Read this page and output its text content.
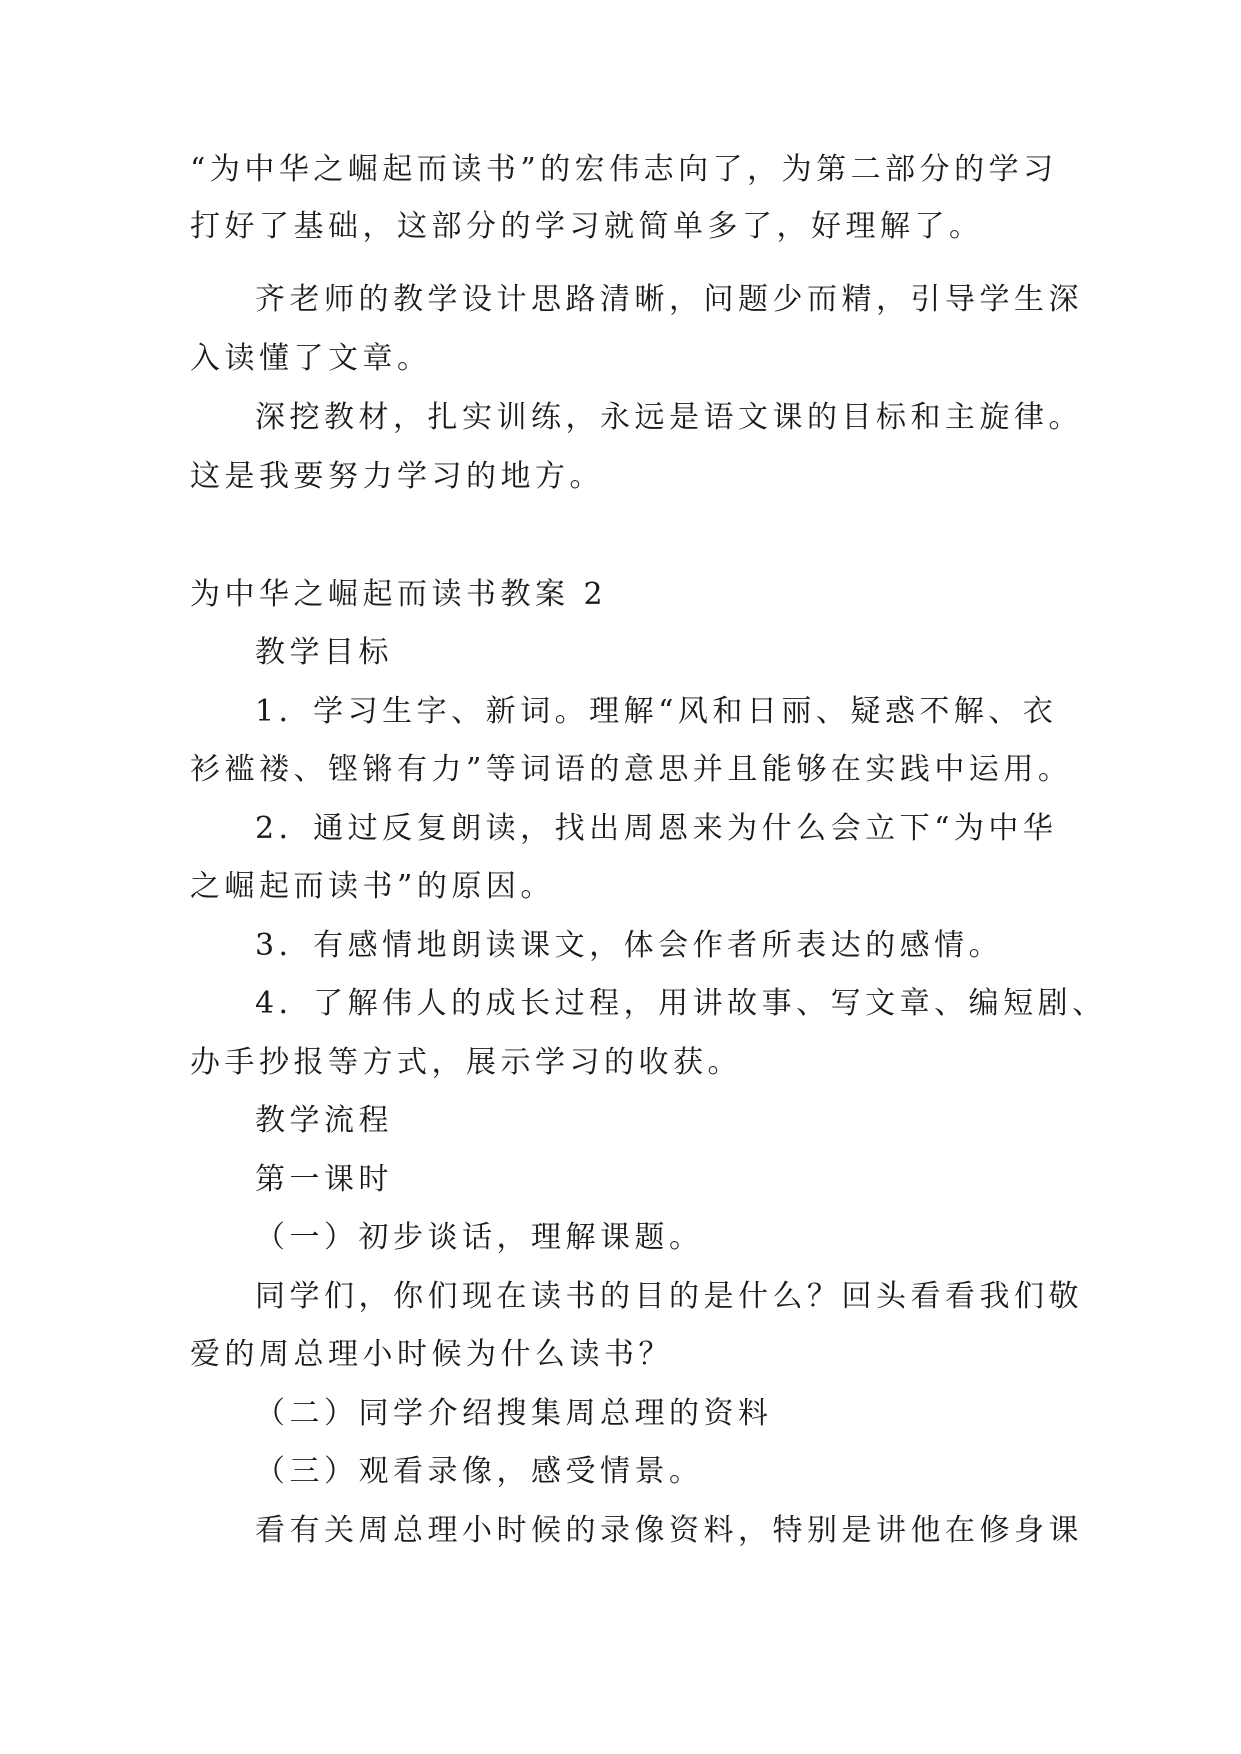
“为中华之崛起而读书”的宏伟志向了，为第二部分的学习

打好了基础，这部分的学习就简单多了，好理解了。

齐老师的教学设计思路清晰，问题少而精，引导学生深

入读懂了文章。

深挖教材，扎实训练，永远是语文课的目标和主旋律。

这是我要努力学习的地方。

为中华之崛起而读书教案 2

教学目标

1．学习生字、新词。理解“风和日丽、疑惑不解、衣

衫褴褛、铿锵有力”等词语的意思并且能够在实践中运用。

2．通过反复朗读，找出周恩来为什么会立下“为中华

之崛起而读书”的原因。

3．有感情地朗读课文，体会作者所表达的感情。

4．了解伟人的成长过程，用讲故事、写文章、编短剧、

办手抄报等方式，展示学习的收获。

教学流程

第一课时

（一）初步谈话，理解课题。

同学们，你们现在读书的目的是什么？回头看看我们敬

爱的周总理小时候为什么读书？

（二）同学介绍搜集周总理的资料

（三）观看录像，感受情景。

看有关周总理小时候的录像资料，特别是讲他在修身课
